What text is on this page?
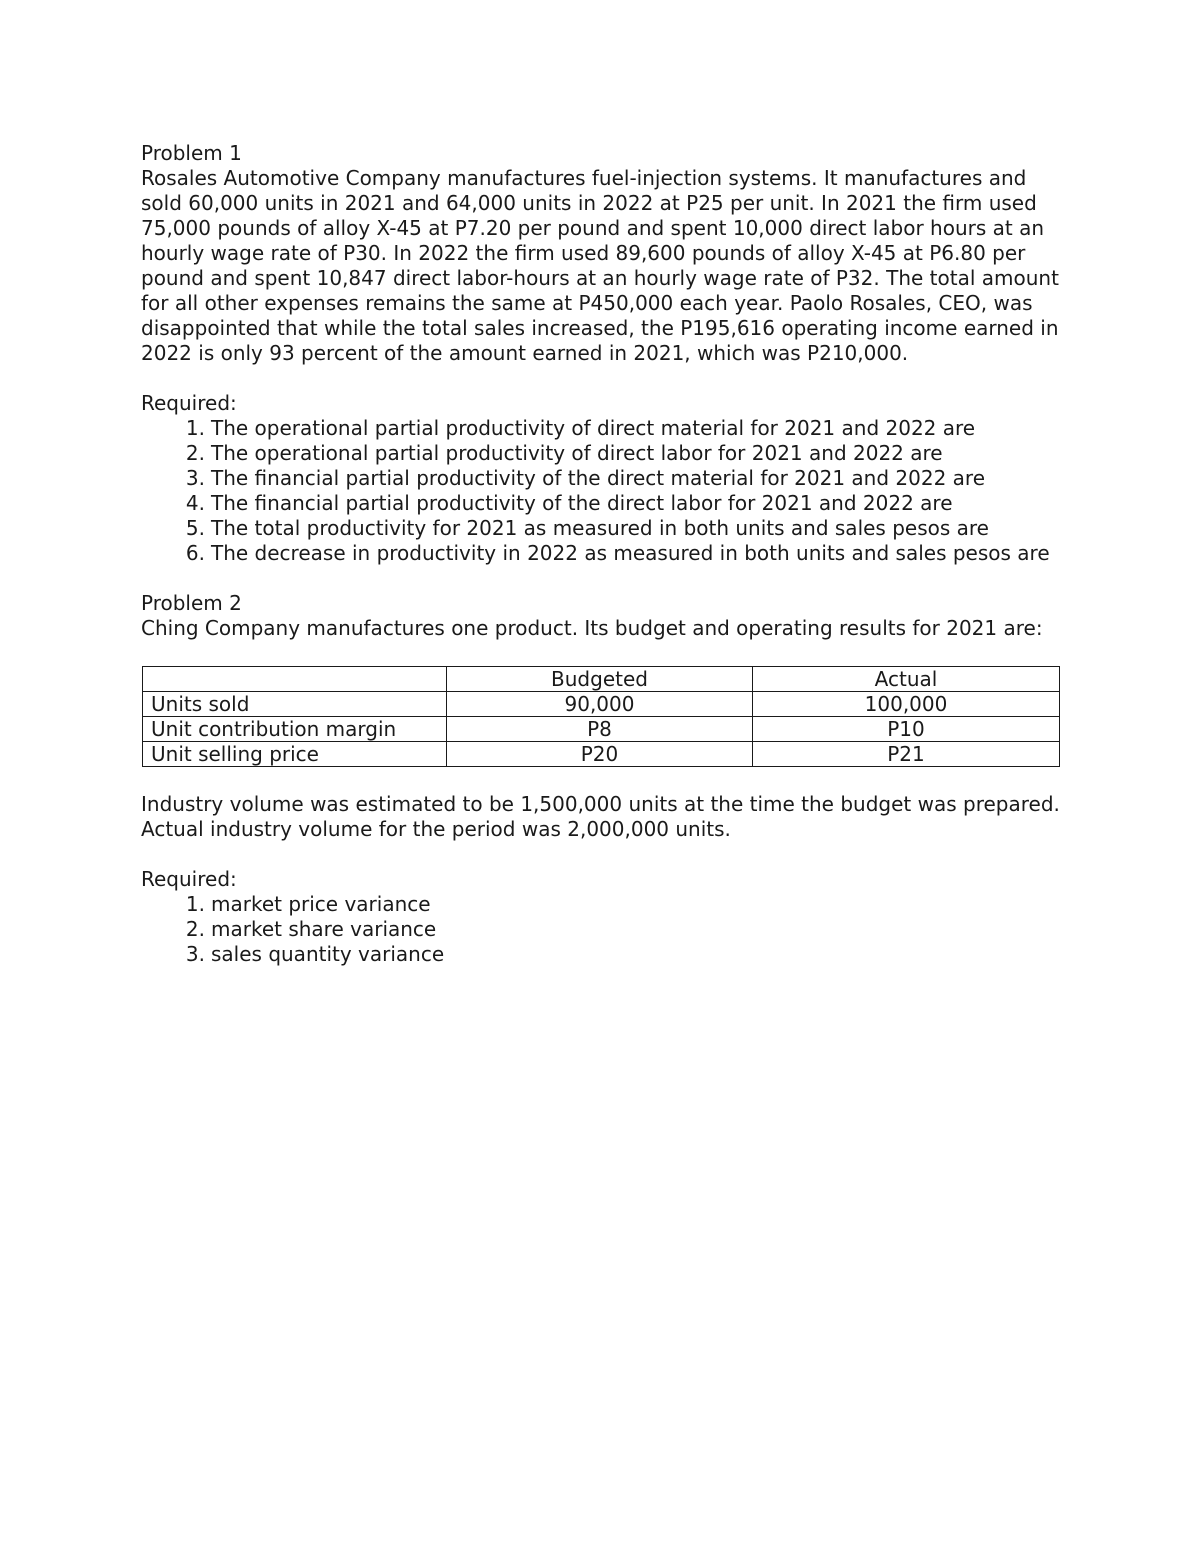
Problem 1

Rosales Automotive Company manufactures fuel-injection systems. It manufactures and sold 60,000 units in 2021 and 64,000 units in 2022 at P25 per unit. In 2021 the firm used 75,000 pounds of alloy X-45 at P7.20 per pound and spent 10,000 direct labor hours at an hourly wage rate of P30. In 2022 the firm used 89,600 pounds of alloy X-45 at P6.80 per pound and spent 10,847 direct labor-hours at an hourly wage rate of P32. The total amount for all other expenses remains the same at P450,000 each year. Paolo Rosales, CEO, was disappointed that while the total sales increased, the P195,616 operating income earned in 2022 is only 93 percent of the amount earned in 2021, which was P210,000.

Required:

1. The operational partial productivity of direct material for 2021 and 2022 are
2. The operational partial productivity of direct labor for 2021 and 2022 are
3. The financial partial productivity of the direct material for 2021 and 2022 are
4. The financial partial productivity of the direct labor for 2021 and 2022 are
5. The total productivity for 2021 as measured in both units and sales pesos are
6. The decrease in productivity in 2022 as measured in both units and sales pesos are

Problem 2

Ching Company manufactures one product. Its budget and operating results for 2021 are:

	Budgeted	Actual
Units sold	90,000	100,000
Unit contribution margin	P8	P10
Unit selling price	P20	P21

Industry volume was estimated to be 1,500,000 units at the time the budget was prepared. Actual industry volume for the period was 2,000,000 units.

Required:

1. market price variance
2. market share variance
3. sales quantity variance
